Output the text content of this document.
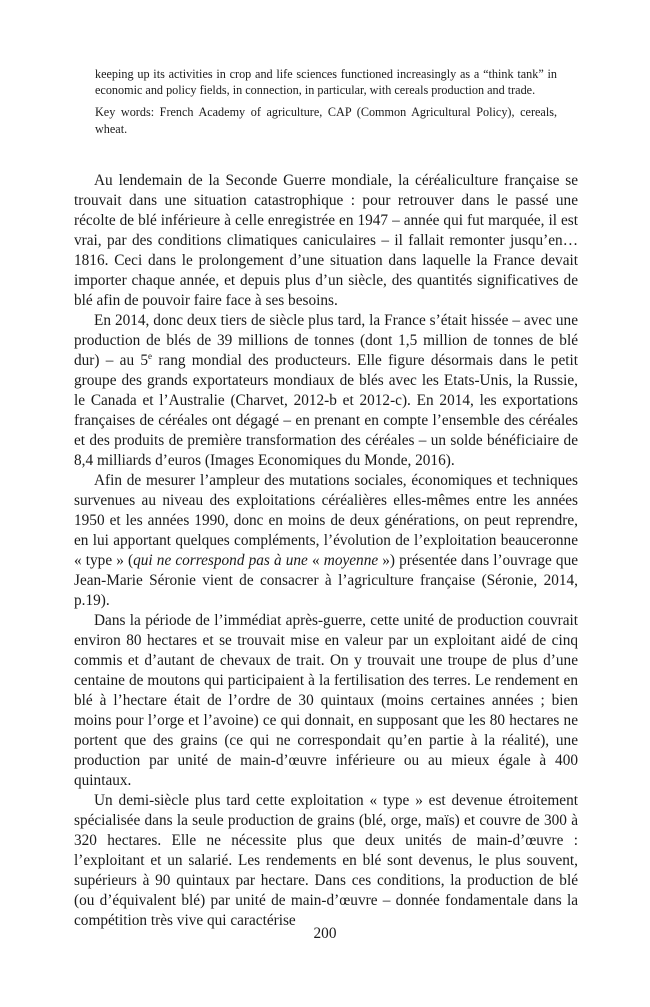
keeping up its activities in crop and life sciences functioned increasingly as a “think tank” in economic and policy fields, in connection, in particular, with cereals production and trade.

Key words: French Academy of agriculture, CAP (Common Agricultural Policy), cereals, wheat.

Au lendemain de la Seconde Guerre mondiale, la céréaliculture française se trouvait dans une situation catastrophique : pour retrouver dans le passé une récolte de blé inférieure à celle enregistrée en 1947 – année qui fut marquée, il est vrai, par des conditions climatiques caniculaires – il fallait remonter jusqu’en… 1816. Ceci dans le prolongement d’une situation dans laquelle la France devait importer chaque année, et depuis plus d’un siècle, des quantités significatives de blé afin de pouvoir faire face à ses besoins.

En 2014, donc deux tiers de siècle plus tard, la France s’était hissée – avec une production de blés de 39 millions de tonnes (dont 1,5 million de tonnes de blé dur) – au 5e rang mondial des producteurs. Elle figure désormais dans le petit groupe des grands exportateurs mondiaux de blés avec les Etats-Unis, la Russie, le Canada et l’Australie (Charvet, 2012-b et 2012-c). En 2014, les exportations françaises de céréales ont dégagé – en prenant en compte l’ensemble des céréales et des produits de première transformation des céréales – un solde bénéficiaire de 8,4 milliards d’euros (Images Economiques du Monde, 2016).

Afin de mesurer l’ampleur des mutations sociales, économiques et techniques survenues au niveau des exploitations céréalières elles-mêmes entre les années 1950 et les années 1990, donc en moins de deux générations, on peut reprendre, en lui apportant quelques compléments, l’évolution de l’exploitation beauceronne « type » (qui ne correspond pas à une « moyenne ») présentée dans l’ouvrage que Jean-Marie Séronie vient de consacrer à l’agriculture française (Séronie, 2014, p.19).

Dans la période de l’immédiat après-guerre, cette unité de production couvrait environ 80 hectares et se trouvait mise en valeur par un exploitant aidé de cinq commis et d’autant de chevaux de trait. On y trouvait une troupe de plus d’une centaine de moutons qui participaient à la fertilisation des terres. Le rendement en blé à l’hectare était de l’ordre de 30 quintaux (moins certaines années ; bien moins pour l’orge et l’avoine) ce qui donnait, en supposant que les 80 hectares ne portent que des grains (ce qui ne correspondait qu’en partie à la réalité), une production par unité de main-d’œuvre inférieure ou au mieux égale à 400 quintaux.

Un demi-siècle plus tard cette exploitation « type » est devenue étroitement spécialisée dans la seule production de grains (blé, orge, maïs) et couvre de 300 à 320 hectares. Elle ne nécessite plus que deux unités de main-d’œuvre : l’exploitant et un salarié. Les rendements en blé sont devenus, le plus souvent, supérieurs à 90 quintaux par hectare. Dans ces conditions, la production de blé (ou d’équivalent blé) par unité de main-d’œuvre – donnée fondamentale dans la compétition très vive qui caractérise

200
